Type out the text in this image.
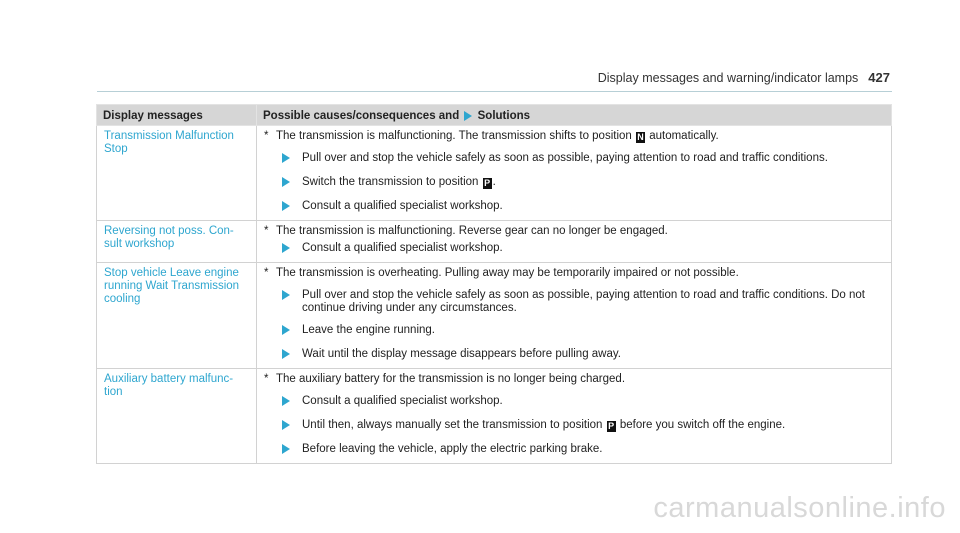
Display messages and warning/indicator lamps 427
Display messages	Possible causes/consequences and Solutions
Transmission Malfunction Stop	* The transmission is malfunctioning. The transmission shifts to position N automatically.
Pull over and stop the vehicle safely as soon as possible, paying attention to road and traffic conditions.
Switch the transmission to position P .
Consult a qualified specialist workshop.

Reversing not poss. Con- sult workshop	* The transmission is malfunctioning. Reverse gear can no longer be engaged.
Consult a qualified specialist workshop.

Stop vehicle Leave engine running Wait Transmission cooling	* The transmission is overheating. Pulling away may be temporarily impaired or not possible.
Pull over and stop the vehicle safely as soon as possible, paying attention to road and traffic conditions. Do not continue driving under any circumstances.
Leave the engine running.
Wait until the display message disappears before pulling away.

Auxiliary battery malfunc- tion	* The auxiliary battery for the transmission is no longer being charged.
Consult a qualified specialist workshop.
Until then, always manually set the transmission to position P before you switch off the engine.
Before leaving the vehicle, apply the electric parking brake.
carmanualsonline.info
